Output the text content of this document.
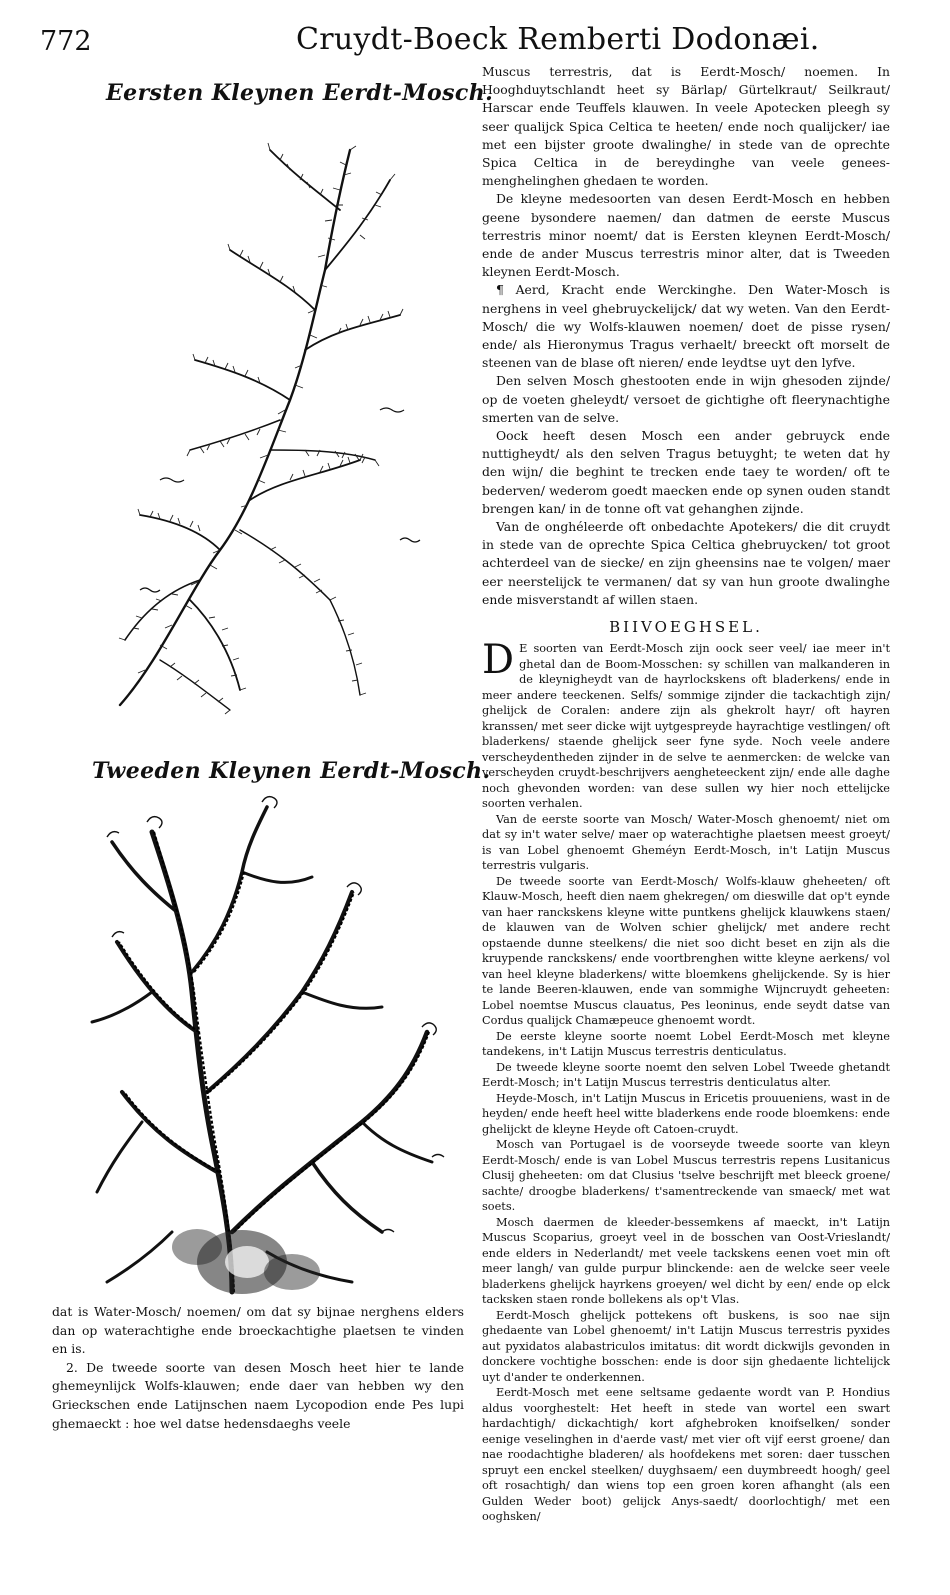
772	Cruydt-Boeck Remberti Dodonæi.
Eersten Kleynen Eerdt-Mosch.
Tweeden Kleynen Eerdt-Mosch.

Muscus terrestris, dat is Eerdt-Mosch/ noemen. In Hooghduytschlandt heet sy Bärlap/ Gürtelkraut/ Seilkraut/ Harscar ende Teuffels klauwen. In veele Apotecken pleegh sy seer qualijck Spica Celtica te heeten/ ende noch qualijcker/ iae met een bijster groote dwalinghe/ in stede van de oprechte Spica Celtica in de bereydinghe van veele genees-menghelinghen ghedaen te worden.

De kleyne medesoorten van desen Eerdt-Mosch en hebben geene bysondere naemen/ dan datmen de eerste Muscus terrestris minor noemt/ dat is Eersten kleynen Eerdt-Mosch/ ende de ander Muscus terrestris minor alter, dat is Tweeden kleynen Eerdt-Mosch.

¶ Aerd, Kracht ende Werckinghe. Den Water-Mosch is nerghens in veel ghebruyckelijck/ dat wy weten. Van den Eerdt-Mosch/ die wy Wolfs-klauwen noemen/ doet de pisse rysen/ ende/ als Hieronymus Tragus verhaelt/ breeckt oft morselt de steenen van de blase oft nieren/ ende leydtse uyt den lyfve.

Den selven Mosch ghestooten ende in wijn ghesoden zijnde/ op de voeten gheleydt/ versoet de gichtighe oft fleerynachtighe smerten van de selve.

Oock heeft desen Mosch een ander gebruyck ende nuttigheydt/ als den selven Tragus betuyght; te weten dat hy den wijn/ die beghint te trecken ende taey te worden/ oft te bederven/ wederom goedt maecken ende op synen ouden standt brengen kan/ in de tonne oft vat gehanghen zijnde.

Van de onghéleerde oft onbedachte Apotekers/ die dit cruydt in stede van de oprechte Spica Celtica ghebruycken/ tot groot achterdeel van de siecke/ en zijn gheensins nae te volgen/ maer eer neerstelijck te vermanen/ dat sy van hun groote dwalinghe ende misverstandt af willen staen.

BIIVOEGHSEL.

D E soorten van Eerdt-Mosch zijn oock seer veel/ iae meer in't ghetal dan de Boom-Mosschen: sy schillen van malkanderen in de kleynigheydt van de hayrlockskens oft bladerkens/ ende in meer andere teeckenen. Selfs/ sommige zijnder die tackachtigh zijn/ ghelijck de Coralen: andere zijn als ghekrolt hayr/ oft hayren kranssen/ met seer dicke wijt uytgespreyde hayrachtige vestlingen/ oft bladerkens/ staende ghelijck seer fyne syde. Noch veele andere verscheydentheden zijnder in de selve te aenmercken: de welcke van verscheyden cruydt-beschrijvers aengheteeckent zijn/ ende alle daghe noch ghevonden worden: van dese sullen wy hier noch ettelijcke soorten verhalen.

Van de eerste soorte van Mosch/ Water-Mosch ghenoemt/ niet om dat sy in't water selve/ maer op waterachtighe plaetsen meest groeyt/ is van Lobel ghenoemt Gheméyn Eerdt-Mosch, in't Latijn Muscus terrestris vulgaris.

De tweede soorte van Eerdt-Mosch/ Wolfs-klauw gheheeten/ oft Klauw-Mosch, heeft dien naem ghekregen/ om dieswille dat op't eynde van haer ranckskens kleyne witte puntkens ghelijck klauwkens staen/ de klauwen van de Wolven schier ghelijck/ met andere recht opstaende dunne steelkens/ die niet soo dicht beset en zijn als die kruypende ranckskens/ ende voortbrenghen witte kleyne aerkens/ vol van heel kleyne bladerkens/ witte bloemkens ghelijckende. Sy is hier te lande Beeren-klauwen, ende van sommighe Wijncruydt geheeten: Lobel noemtse Muscus clauatus, Pes leoninus, ende seydt datse van Cordus qualijck Chamæpeuce ghenoemt wordt.

De eerste kleyne soorte noemt Lobel Eerdt-Mosch met kleyne tandekens, in't Latijn Muscus terrestris denticulatus.

De tweede kleyne soorte noemt den selven Lobel Tweede ghetandt Eerdt-Mosch; in't Latijn Muscus terrestris denticulatus alter.

Heyde-Mosch, in't Latijn Muscus in Ericetis prouueniens, wast in de heyden/ ende heeft heel witte bladerkens ende roode bloemkens: ende ghelijckt de kleyne Heyde oft Catoen-cruydt.

Mosch van Portugael is de voorseyde tweede soorte van kleyn Eerdt-Mosch/ ende is van Lobel Muscus terrestris repens Lusitanicus Clusij gheheeten: om dat Clusius 'tselve beschrijft met bleeck groene/ sachte/ droogbe bladerkens/ t'samentreckende van smaeck/ met wat soets.

Mosch daermen de kleeder-bessemkens af maeckt, in't Latijn Muscus Scoparius, groeyt veel in de bosschen van Oost-Vrieslandt/ ende elders in Nederlandt/ met veele tackskens eenen voet min oft meer langh/ van gulde purpur blinckende: aen de welcke seer veele bladerkens ghelijck hayrkens groeyen/ wel dicht by een/ ende op elck tacksken staen ronde bollekens als op't Vlas.

Eerdt-Mosch ghelijck pottekens oft buskens, is soo nae sijn ghedaente van Lobel ghenoemt/ in't Latijn Muscus terrestris pyxides aut pyxidatos alabastriculos imitatus: dit wordt dickwijls gevonden in donckere vochtighe bosschen: ende is door sijn ghedaente lichtelijck uyt d'ander te onderkennen.

Eerdt-Mosch met eene seltsame gedaente wordt van P. Hondius aldus voorghestelt: Het heeft in stede van wortel een swart hardachtigh/ dickachtigh/ kort afghebroken knoifselken/ sonder eenige veselinghen in d'aerde vast/ met vier oft vijf eerst groene/ dan nae roodachtighe bladeren/ als hoofdekens met soren: daer tusschen spruyt een enckel steelken/ duyghsaem/ een duymbreedt hoogh/ geel oft rosachtigh/ dan wiens top een groen koren afhanght (als een Gulden Weder boot) gelijck Anys-saedt/ doorlochtigh/ met een ooghsken/

dat is Water-Mosch/ noemen/ om dat sy bijnae nerghens elders dan op waterachtighe ende broeckachtighe plaetsen te vinden en is.

2. De tweede soorte van desen Mosch heet hier te lande ghemeynlijck Wolfs-klauwen; ende daer van hebben wy den Grieckschen ende Latijnschen naem Lycopodion ende Pes lupi ghemaeckt : hoe wel datse hedensdaeghs veele
